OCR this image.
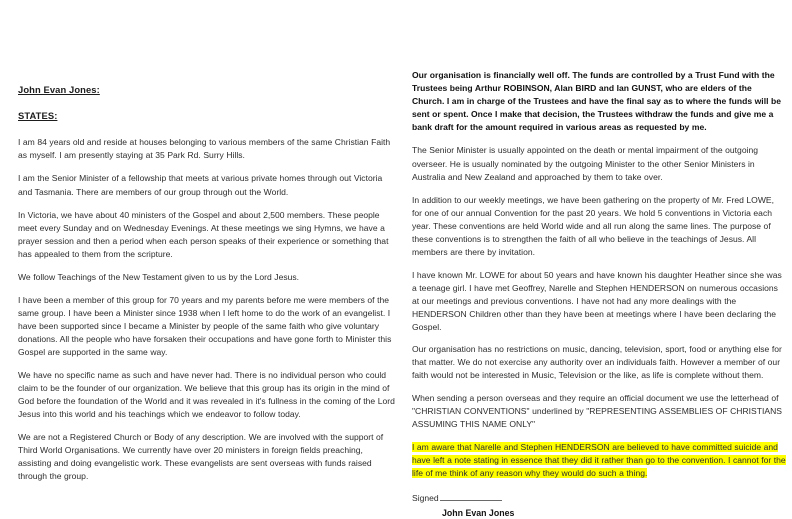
John Evan Jones:
STATES:

I am 84 years old and reside at houses belonging to various members of the same Christian Faith as myself. I am presently staying at 35 Park Rd. Surry Hills.

I am the Senior Minister of a fellowship that meets at various private homes through out Victoria and Tasmania. There are members of our group through out the World.

In Victoria, we have about 40 ministers of the Gospel and about 2,500 members. These people meet every Sunday and on Wednesday Evenings. At these meetings we sing Hymns, we have a prayer session and then a period when each person speaks of their experience or something that has appealed to them from the scripture.

We follow Teachings of the New Testament given to us by the Lord Jesus.

I have been a member of this group for 70 years and my parents before me were members of the same group. I have been a Minister since 1938 when I left home to do the work of an evangelist. I have been supported since I became a Minister by people of the same faith who give voluntary donations. All the people who have forsaken their occupations and have gone forth to Minister this Gospel are supported in the same way.

We have no specific name as such and have never had. There is no individual person who could claim to be the founder of our organization. We believe that this group has its origin in the mind of God before the foundation of the World and it was revealed in it's fullness in the coming of the Lord Jesus into this world and his teachings which we endeavor to follow today.

We are not a Registered Church or Body of any description. We are involved with the support of Third World Organisations. We currently have over 20 ministers in foreign fields preaching, assisting and doing evangelistic work. These evangelists are sent overseas with funds raised through the group.

Our organisation is financially well off. The funds are controlled by a Trust Fund with the Trustees being Arthur ROBINSON, Alan BIRD and Ian GUNST, who are elders of the Church. I am in charge of the Trustees and have the final say as to where the funds will be sent or spent. Once I make that decision, the Trustees withdraw the funds and give me a bank draft for the amount required in various areas as requested by me.

The Senior Minister is usually appointed on the death or mental impairment of the outgoing overseer. He is usually nominated by the outgoing Minister to the other Senior Ministers in Australia and New Zealand and approached by them to take over.

In addition to our weekly meetings, we have been gathering on the property of Mr. Fred LOWE, for one of our annual Convention for the past 20 years. We hold 5 conventions in Victoria each year. These conventions are held World wide and all run along the same lines. The purpose of these conventions is to strengthen the faith of all who believe in the teachings of Jesus. All members are there by invitation.

I have known Mr. LOWE for about 50 years and have known his daughter Heather since she was a teenage girl. I have met Geoffrey, Narelle and Stephen HENDERSON on numerous occasions at our meetings and previous conventions. I have not had any more dealings with the HENDERSON Children other than they have been at meetings where I have been declaring the Gospel.

Our organisation has no restrictions on music, dancing, television, sport, food or anything else for that matter. We do not exercise any authority over an individuals faith. However a member of our faith would not be interested in Music, Television or the like, as life is complete without them.

When sending a person overseas and they require an official document we use the letterhead of "CHRISTIAN CONVENTIONS" underlined by "REPRESENTING ASSEMBLIES OF CHRISTIANS ASSUMING THIS NAME ONLY"

I am aware that Narelle and Stephen HENDERSON are believed to have committed suicide and have left a note stating in essence that they did it rather than go to the convention. I cannot for the life of me think of any reason why they would do such a thing.

Signed

John Evan Jones
